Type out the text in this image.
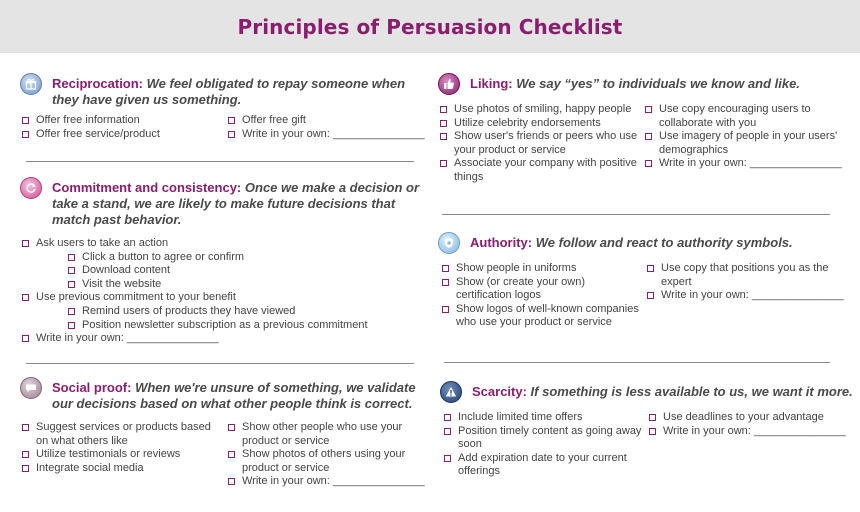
Principles of Persuasion Checklist
Reciprocation: We feel obligated to repay someone when they have given us something.
Offer free information
Offer free service/product
Offer free gift
Write in your own: _______________
Commitment and consistency: Once we make a decision or take a stand, we are likely to make future decisions that match past behavior.
Ask users to take an action
Click a button to agree or confirm
Download content
Visit the website
Use previous commitment to your benefit
Remind users of products they have viewed
Position newsletter subscription as a previous commitment
Write in your own: _______________
Social proof: When we're unsure of something, we validate our decisions based on what other people think is correct.
Suggest services or products based on what others like
Utilize testimonials or reviews
Integrate social media
Show other people who use your product or service
Show photos of others using your product or service
Write in your own: _______________
Liking: We say “yes” to individuals we know and like.
Use photos of smiling, happy people
Utilize celebrity endorsements
Show user's friends or peers who use your product or service
Associate your company with positive things
Use copy encouraging users to collaborate with you
Use imagery of people in your users' demographics
Write in your own: _______________
Authority: We follow and react to authority symbols.
Show people in uniforms
Show (or create your own) certification logos
Show logos of well-known companies who use your product or service
Use copy that positions you as the expert
Write in your own: _______________
Scarcity: If something is less available to us, we want it more.
Include limited time offers
Position timely content as going away soon
Add expiration date to your current offerings
Use deadlines to your advantage
Write in your own: _______________
